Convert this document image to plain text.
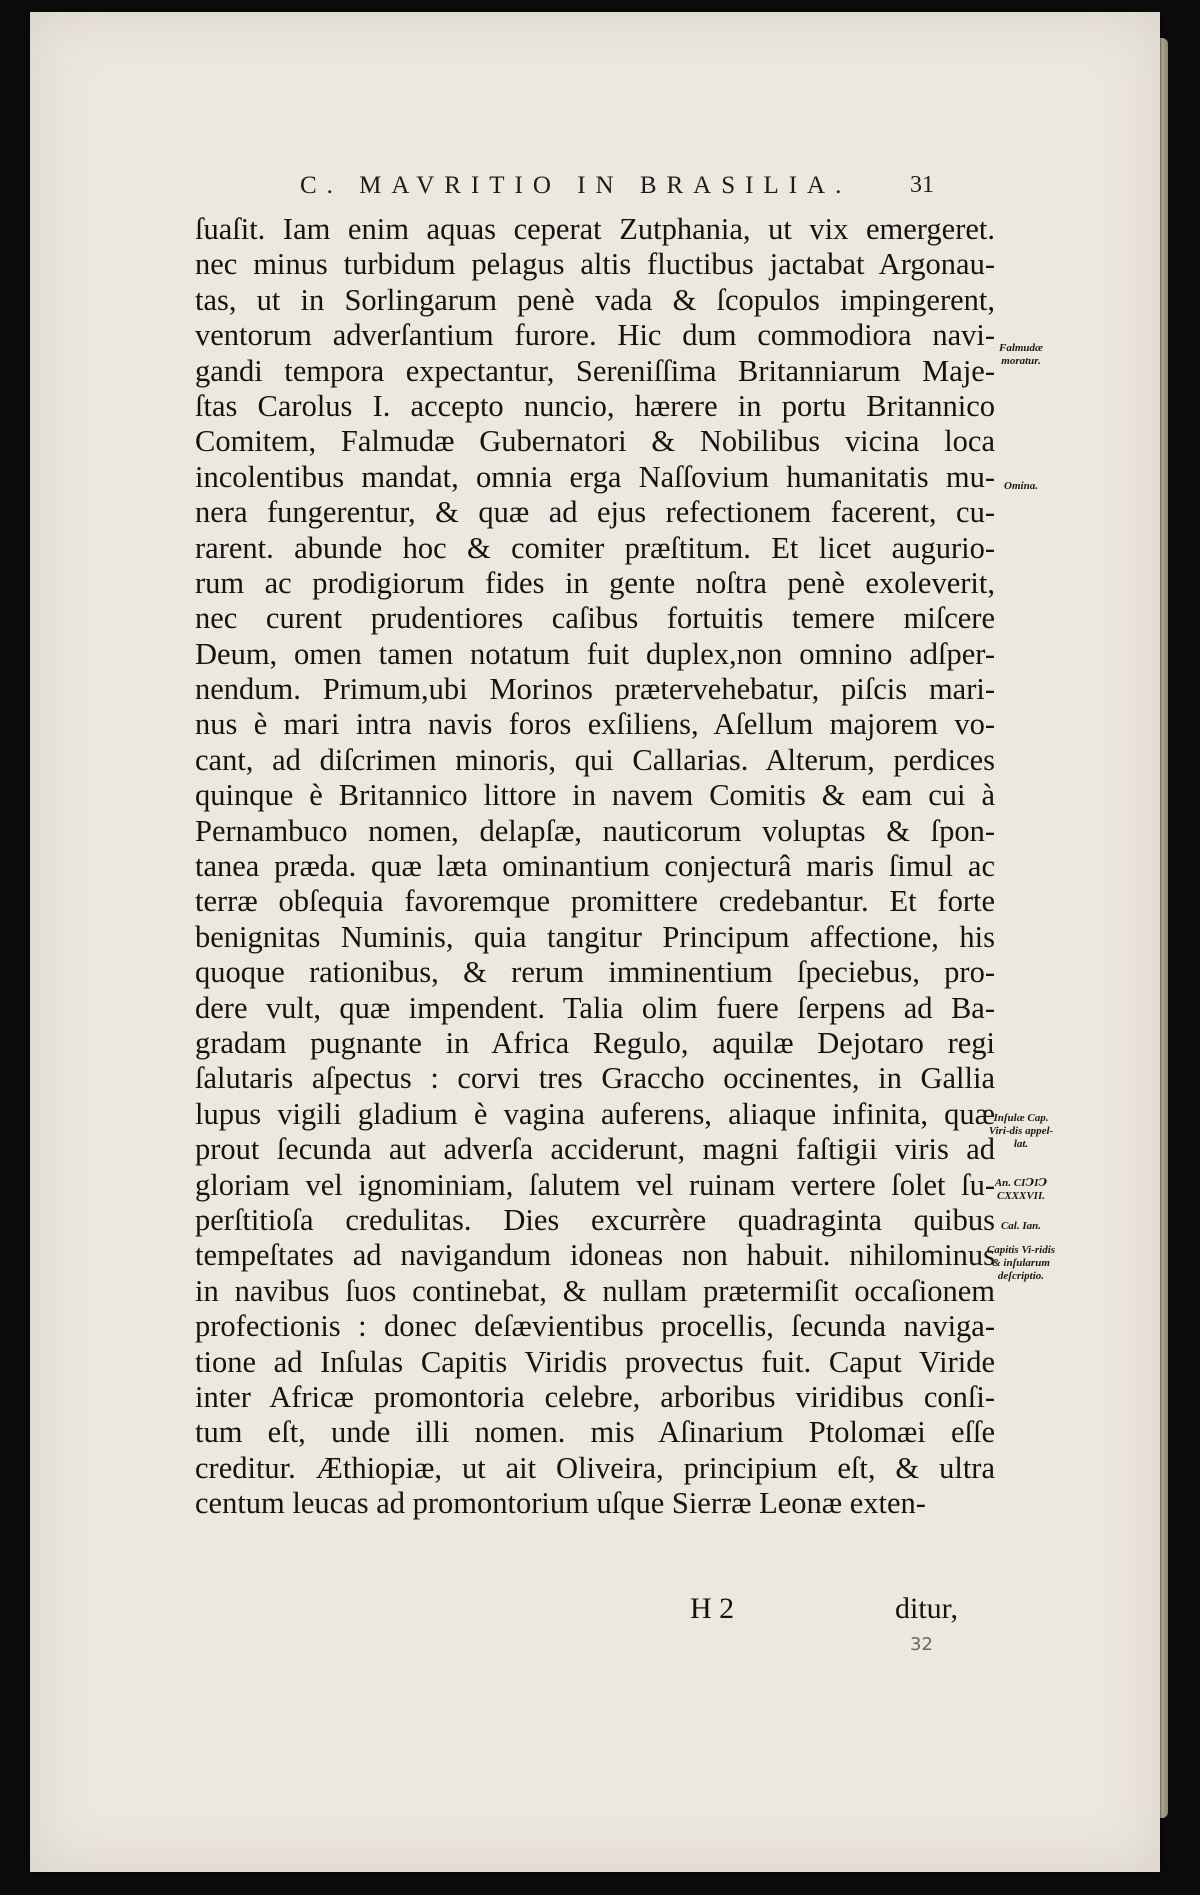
C. MAVRITIO IN BRASILIA. 31
ſuaſit. Iam enim aquas ceperat Zutphania, ut vix emergeret.
nec minus turbidum pelagus altis fluctibus jactabat Argonau-
tas, ut in Sorlingarum penè vada & ſcopulos impingerent,
ventorum adverſantium furore. Hic dum commodiora navi-
gandi tempora expectantur, Sereniſſima Britanniarum Maje-
ſtas Carolus I. accepto nuncio, hærere in portu Britannico
Comitem, Falmudæ Gubernatori & Nobilibus vicina loca
incolentibus mandat, omnia erga Naſſovium humanitatis mu-
nera fungerentur, & quæ ad ejus refectionem facerent, cu-
rarent. abunde hoc & comiter præſtitum. Et licet augurio-
rum ac prodigiorum fides in gente noſtra penè exoleverit,
nec curent prudentiores caſibus fortuitis temere miſcere
Deum, omen tamen notatum fuit duplex,non omnino adſper-
nendum. Primum,ubi Morinos prætervehebatur, piſcis mari-
nus è mari intra navis foros exſiliens, Aſellum majorem vo-
cant, ad diſcrimen minoris, qui Callarias. Alterum, perdices
quinque è Britannico littore in navem Comitis & eam cui à
Pernambuco nomen, delapſæ, nauticorum voluptas & ſpon-
tanea præda. quæ læta ominantium conjecturâ maris ſimul ac
terræ obſequia favoremque promittere credebantur. Et forte
benignitas Numinis, quia tangitur Principum affectione, his
quoque rationibus, & rerum imminentium ſpeciebus, pro-
dere vult, quæ impendent. Talia olim fuere ſerpens ad Ba-
gradam pugnante in Africa Regulo, aquilæ Dejotaro regi
ſalutaris aſpectus : corvi tres Graccho occinentes, in Gallia
lupus vigili gladium è vagina auferens, aliaque infinita, quæ
prout ſecunda aut adverſa acciderunt, magni faſtigii viris ad
gloriam vel ignominiam, ſalutem vel ruinam vertere ſolet ſu-
perſtitioſa credulitas. Dies excurrère quadraginta quibus
tempeſtates ad navigandum idoneas non habuit. nihilominus
in navibus ſuos continebat, & nullam prætermiſit occaſionem
profectionis : donec deſævientibus procellis, ſecunda naviga-
tione ad Inſulas Capitis Viridis provectus fuit. Caput Viride
inter Africæ promontoria celebre, arboribus viridibus conſi-
tum eſt, unde illi nomen. mis Aſinarium Ptolomæi eſſe
creditur. Æthiopiæ, ut ait Oliveira, principium eſt, & ultra
centum leucas ad promontorium uſque Sierræ Leonæ exten-
Falmudæ moratur.
Omina.
Inſulæ Cap. Viri-dis appel-lat.
An. CIↃIↃ CXXXVII.
Cal. Ian.
Capitis Vi-ridis & inſularum deſcriptio.
H 2	ditur,
32
